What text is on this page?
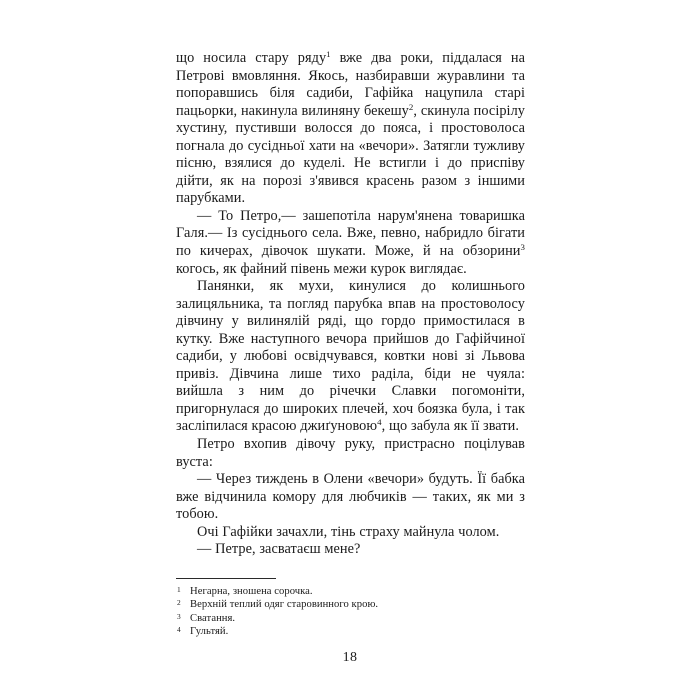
що носила стару ряду$^1$ вже два роки, піддалася на Петрові вмовляння. Якось, назбиравши журавлини та попоравшись біля садиби, Гафійка нацупила старі пацьорки, накинула вилиняну бекешу$^2$, скинула посірілу хустину, пустивши волосся до пояса, і простоволоса погнала до сусідньої хати на «вечори». Затягли тужливу пісню, взялися до куделі. Не встигли і до приспіву дійти, як на порозі з'явився красень разом з іншими парубками.

— То Петро,— зашепотіла нарум'янена товаришка Галя.— Із сусіднього села. Вже, певно, набридло бігати по кичерах, дівочок шукати. Може, й на обзорини$^3$ когось, як файний півень межи курок виглядає.

Панянки, як мухи, кинулися до колишнього залицяльника, та погляд парубка впав на простоволосу дівчину у вилинялій ряді, що гордо примостилася в кутку. Вже наступного вечора прийшов до Гафійчиної садиби, у любові освідчувався, ковтки нові зі Львова привіз. Дівчина лише тихо раділа, біди не чуяла: вийшла з ним до річечки Славки погомоніти, пригорнулася до широких плечей, хоч боязка була, і так засліпилася красою джиґуновою$^4$, що забула як її звати.

Петро вхопив дівочу руку, пристрасно поцілував вуста:

— Через тиждень в Олени «вечори» будуть. Її бабка вже відчинила комору для любчиків — таких, як ми з тобою.

Очі Гафійки зачахли, тінь страху майнула чолом.

— Петре, засватаєш мене?

1 Негарна, зношена сорочка.
2 Верхній теплий одяг старовинного крою.
3 Сватання.
4 Гультяй.
18
